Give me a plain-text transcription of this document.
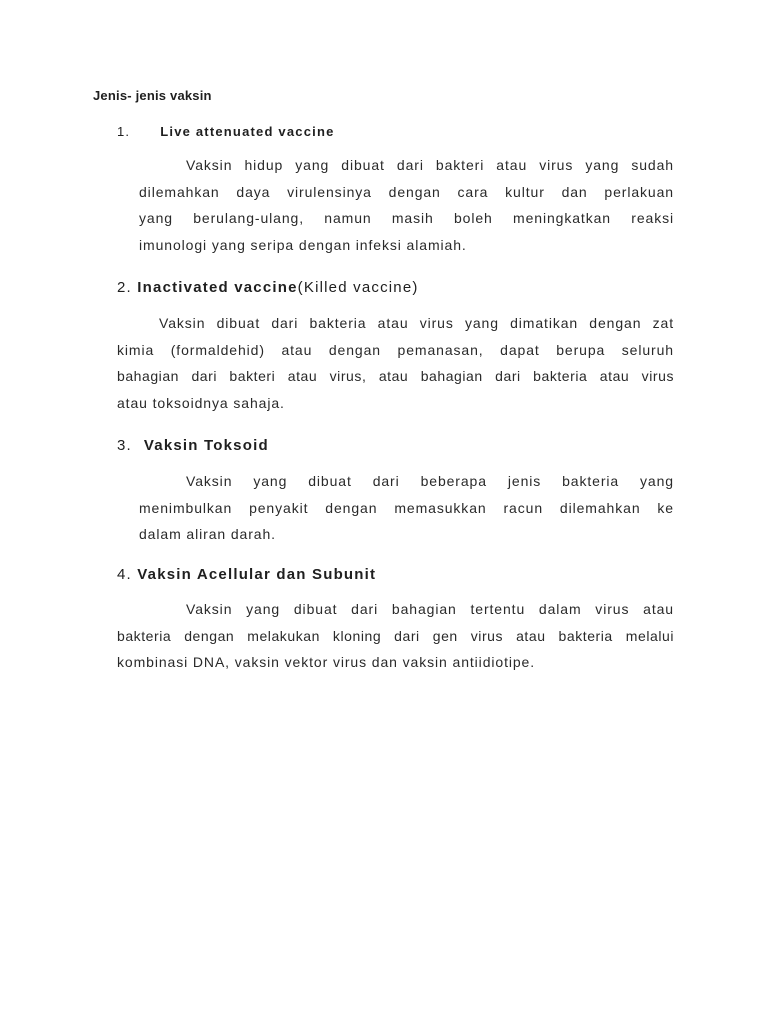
Jenis- jenis vaksin
1. Live attenuated vaccine
Vaksin hidup yang dibuat dari bakteri atau virus yang sudah
dilemahkan daya virulensinya dengan cara kultur dan perlakuan
yang berulang-ulang, namun masih boleh meningkatkan reaksi
imunologi yang seripa dengan infeksi alamiah.
2. Inactivated vaccine(Killed vaccine)
Vaksin dibuat dari bakteria atau virus yang dimatikan dengan zat
kimia (formaldehid) atau dengan pemanasan, dapat berupa seluruh
bahagian dari bakteri atau virus, atau bahagian dari bakteria atau virus
atau toksoidnya sahaja.
3. Vaksin Toksoid
Vaksin yang dibuat dari beberapa jenis bakteria yang
menimbulkan penyakit dengan memasukkan racun dilemahkan ke
dalam aliran darah.
4. Vaksin Acellular dan Subunit
Vaksin yang dibuat dari bahagian tertentu dalam virus atau
bakteria dengan melakukan kloning dari gen virus atau bakteria melalui
kombinasi DNA, vaksin vektor virus dan vaksin antiidiotipe.
